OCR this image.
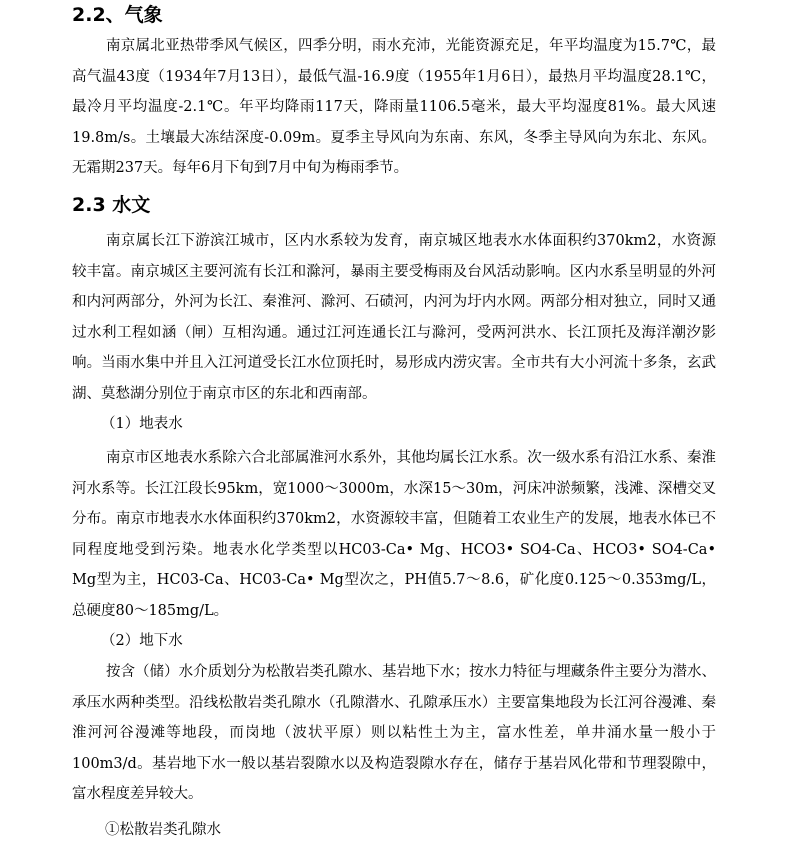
2.2、气象

南京属北亚热带季风气候区，四季分明，雨水充沛，光能资源充足，年平均温度为15.7℃，最高气温43度（1934年7月13日），最低气温-16.9度（1955年1月6日），最热月平均温度28.1℃，最冷月平均温度-2.1℃。年平均降雨117天，降雨量1106.5毫米，最大平均湿度81%。最大风速19.8m/s。土壤最大冻结深度-0.09m。夏季主导风向为东南、东风，冬季主导风向为东北、东风。无霜期237天。每年6月下旬到7月中旬为梅雨季节。

2.3 水文

南京属长江下游滨江城市，区内水系较为发育，南京城区地表水水体面积约370km2，水资源较丰富。南京城区主要河流有长江和滁河，暴雨主要受梅雨及台风活动影响。区内水系呈明显的外河和内河两部分，外河为长江、秦淮河、滁河、石碛河，内河为圩内水网。两部分相对独立，同时又通过水利工程如涵（闸）互相沟通。通过江河连通长江与滁河，受两河洪水、长江顶托及海洋潮汐影响。当雨水集中并且入江河道受长江水位顶托时，易形成内涝灾害。全市共有大小河流十多条，玄武湖、莫愁湖分别位于南京市区的东北和西南部。

（1）地表水

南京市区地表水系除六合北部属淮河水系外，其他均属长江水系。次一级水系有沿江水系、秦淮河水系等。长江江段长95km，宽1000～3000m，水深15～30m，河床冲淤频繁，浅滩、深槽交叉分布。南京市地表水水体面积约370km2，水资源较丰富，但随着工农业生产的发展，地表水体已不同程度地受到污染。地表水化学类型以HC03-Ca• Mg、HCO3• SO4-Ca、HCO3• SO4-Ca• Mg型为主，HC03-Ca、HC03-Ca• Mg型次之，PH值5.7～8.6，矿化度0.125～0.353mg/L，总硬度80～185mg/L。

（2）地下水

按含（储）水介质划分为松散岩类孔隙水、基岩地下水；按水力特征与埋藏条件主要分为潜水、承压水两种类型。沿线松散岩类孔隙水（孔隙潜水、孔隙承压水）主要富集地段为长江河谷漫滩、秦淮河河谷漫滩等地段，而岗地（波状平原）则以粘性土为主，富水性差，单井涌水量一般小于100m3/d。基岩地下水一般以基岩裂隙水以及构造裂隙水存在，储存于基岩风化带和节理裂隙中，富水程度差异较大。

①松散岩类孔隙水
